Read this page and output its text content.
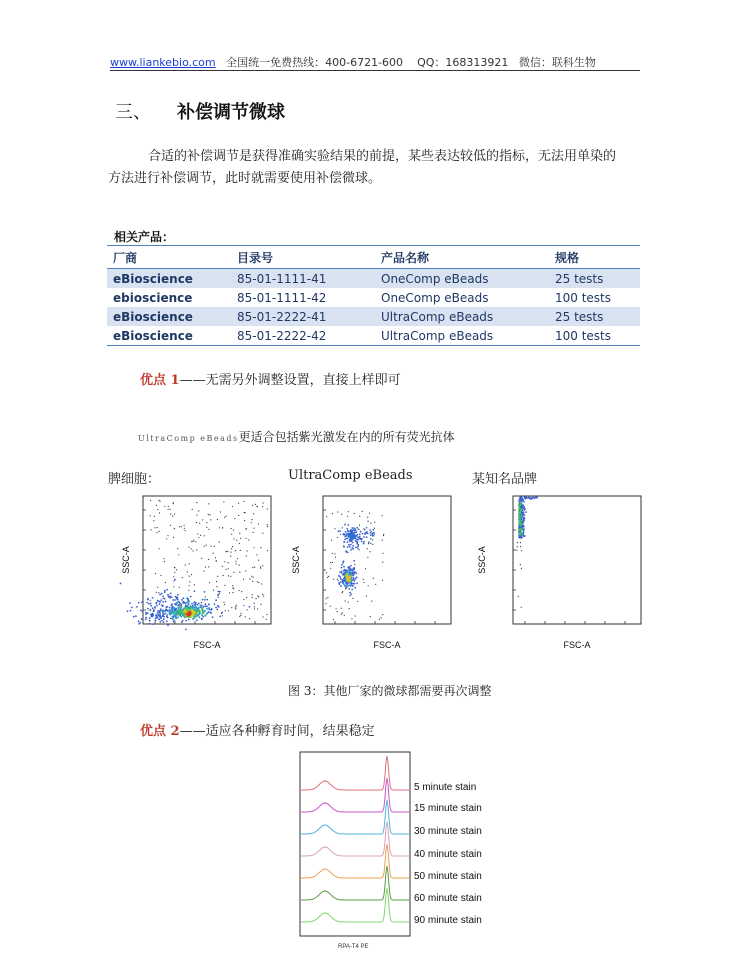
www.liankebio.com 全国统一免费热线：400-6721-600 QQ：168313921 微信：联科生物
三、 补偿调节微球
合适的补偿调节是获得准确实验结果的前提，某些表达较低的指标，无法用单染的
方法进行补偿调节，此时就需要使用补偿微球。
相关产品：
厂商	目录号	产品名称	规格
eBioscience	85-01-1111-41	OneComp eBeads	25 tests
ebioscience	85-01-1111-42	OneComp eBeads	100 tests
eBioscience	85-01-2222-41	UltraComp eBeads	25 tests
eBioscience	85-01-2222-42	UltraComp eBeads	100 tests
优点 1——无需另外调整设置，直接上样即可
UltraComp eBeads更适合包括紫光激发在内的所有荧光抗体
脾细胞：	UltraComp eBeads	某知名品牌
SSC-A
FSC-A
SSC-A
FSC-A
SSC-A
FSC-A
图 3：其他厂家的微球都需要再次调整
优点 2——适应各种孵育时间，结果稳定
RPA-T4 PE
5 minute stain
15 minute stain
30 minute stain
40 minute stain
50 minute stain
60 minute stain
90 minute stain
